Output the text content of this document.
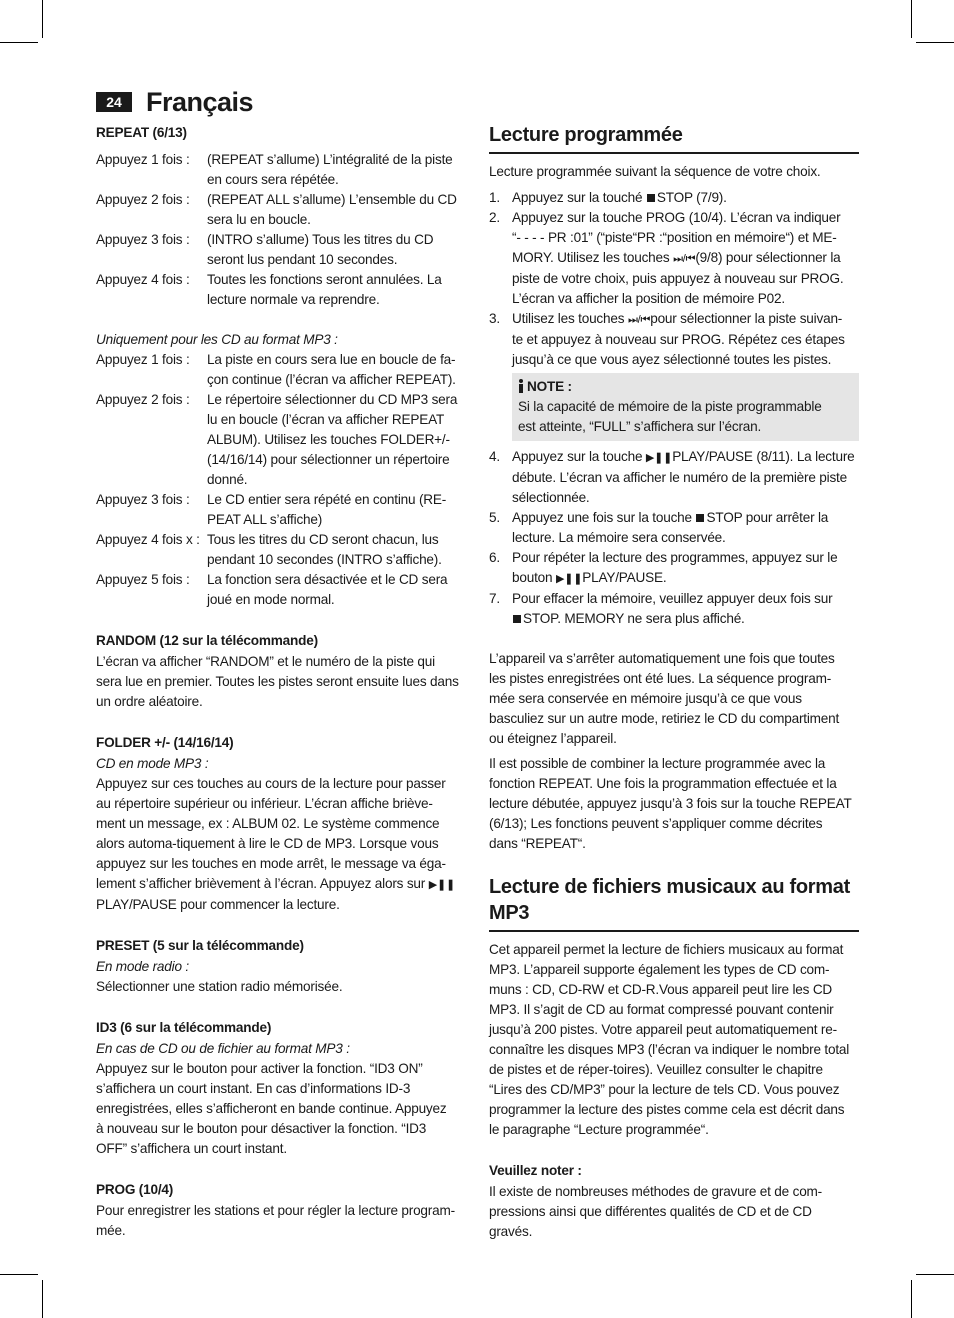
24 Français

REPEAT (6/13)

Appuyez 1 fois :	(REPEAT s’allume) L’intégralité de la piste
en cours sera répétée.
Appuyez 2 fois :	(REPEAT ALL s’allume) L’ensemble du CD
sera lu en boucle.
Appuyez 3 fois :	(INTRO s’allume) Tous les titres du CD
seront lus pendant 10 secondes.
Appuyez 4 fois :	Toutes les fonctions seront annulées. La
lecture normale va reprendre.

Uniquement pour les CD au format MP3 :

Appuyez 1 fois :	La piste en cours sera lue en boucle de fa-
çon continue (l’écran va afficher REPEAT).
Appuyez 2 fois :	Le répertoire sélectionner du CD MP3 sera
lu en boucle (l’écran va afficher REPEAT
ALBUM). Utilisez les touches FOLDER+/-
(14/16/14) pour sélectionner un répertoire
donné.
Appuyez 3 fois :	Le CD entier sera répété en continu (RE-
PEAT ALL s’affiche)
Appuyez 4 fois x : Tous les titres du CD seront chacun, lus
pendant 10 secondes (INTRO s’affiche).
Appuyez 5 fois :	La fonction sera désactivée et le CD sera
joué en mode normal.

RANDOM (12 sur la télécommande)

L’écran va afficher “RANDOM” et le numéro de la piste qui

sera lue en premier. Toutes les pistes seront ensuite lues dans

un ordre aléatoire.

FOLDER +/- (14/16/14)

CD en mode MP3 :

Appuyez sur ces touches au cours de la lecture pour passer

au répertoire supérieur ou inférieur. L’écran affiche briève-

ment un message, ex : ALBUM 02. Le système commence

alors automa-tiquement à lire le CD de MP3. Lorsque vous

appuyez sur les touches en mode arrêt, le message va éga-

lement s’afficher brièvement à l’écran. Appuyez alors sur ▶❚❚

PLAY/PAUSE pour commencer la lecture.

PRESET (5 sur la télécommande)

En mode radio :

Sélectionner une station radio mémorisée.

ID3 (6 sur la télécommande)

En cas de CD ou de fichier au format MP3 :

Appuyez sur le bouton pour activer la fonction. “ID3 ON”

s’affichera un court instant. En cas d’informations ID-3

enregistrées, elles s’afficheront en bande continue. Appuyez

à nouveau sur le bouton pour désactiver la fonction. “ID3

OFF” s’affichera un court instant.

PROG (10/4)

Pour enregistrer les stations et pour régler la lecture program-

mée.

Lecture programmée

Lecture programmée suivant la séquence de votre choix.

1. Appuyez sur la touché STOP (7/9).
2. Appuyez sur la touche PROG (10/4). L’écran va indiquer
“- - - - PR :01” (“piste“PR :“position en mémoire“) et ME-
MORY. Utilisez les touches ⏭/⏮(9/8) pour sélectionner la
piste de votre choix, puis appuyez à nouveau sur PROG.
L’écran va afficher la position de mémoire P02.
3. Utilisez les touches ⏭/⏮pour sélectionner la piste suivan-
te et appuyez à nouveau sur PROG. Répétez ces étapes
jusqu’à ce que vous ayez sélectionné toutes les pistes.

NOTE :

Si la capacité de mémoire de la piste programmable

est atteinte, “FULL” s’affichera sur l’écran.

4. Appuyez sur la touche ▶❚❚PLAY/PAUSE (8/11). La lecture
débute. L’écran va afficher le numéro de la première piste
sélectionnée.
5. Appuyez une fois sur la touche STOP pour arrêter la
lecture. La mémoire sera conservée.
6. Pour répéter la lecture des programmes, appuyez sur le
bouton ▶❚❚PLAY/PAUSE.
7. Pour effacer la mémoire, veuillez appuyer deux fois sur
STOP. MEMORY ne sera plus affiché.

L’appareil va s’arrêter automatiquement une fois que toutes

les pistes enregistrées ont été lues. La séquence program-

mée sera conservée en mémoire jusqu’à ce que vous

basculiez sur un autre mode, retiriez le CD du compartiment

ou éteignez l’appareil.

Il est possible de combiner la lecture programmée avec la

fonction REPEAT. Une fois la programmation effectuée et la

lecture débutée, appuyez jusqu’à 3 fois sur la touche REPEAT

(6/13); Les fonctions peuvent s’appliquer comme décrites

dans “REPEAT“.

Lecture de fichiers musicaux au format
MP3

Cet appareil permet la lecture de fichiers musicaux au format

MP3. L’appareil supporte également les types de CD com-

muns : CD, CD-RW et CD-R.Vous appareil peut lire les CD

MP3. Il s’agit de CD au format compressé pouvant contenir

jusqu’à 200 pistes. Votre appareil peut automatiquement re-

connaître les disques MP3 (l’écran va indiquer le nombre total

de pistes et de réper-toires). Veuillez consulter le chapitre

“Lires des CD/MP3” pour la lecture de tels CD. Vous pouvez

programmer la lecture des pistes comme cela est décrit dans

le paragraphe “Lecture programmée“.

Veuillez noter :

Il existe de nombreuses méthodes de gravure et de com-

pressions ainsi que différentes qualités de CD et de CD

gravés.
